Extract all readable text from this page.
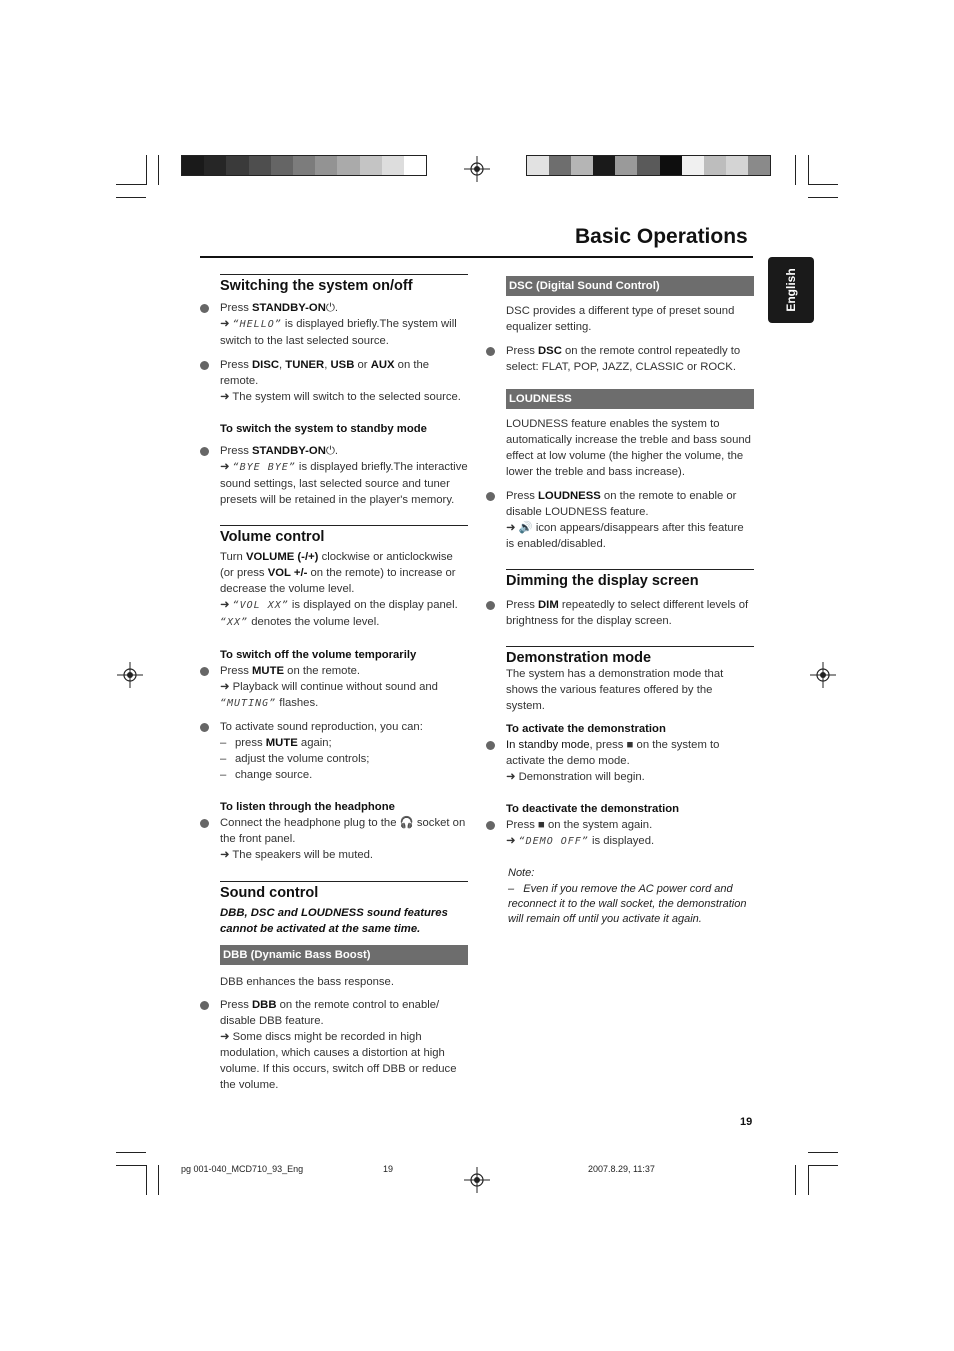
Basic Operations
English
Switching the system on/off

Press STANDBY-ON⏻.
➜ “HELLO” is displayed briefly.The system will switch to the last selected source.

Press DISC, TUNER, USB or AUX on the remote.
➜ The system will switch to the selected source.

To switch the system to standby mode

Press STANDBY-ON⏻.
➜ “BYE BYE” is displayed briefly.The interactive sound settings, last selected source and tuner presets will be retained in the player's memory.

Volume control

Turn VOLUME (-/+) clockwise or anticlockwise (or press VOL +/- on the remote) to increase or decrease the volume level.
➜ “VOL XX” is displayed on the display panel.
“XX” denotes the volume level.

To switch off the volume temporarily

Press MUTE on the remote.
➜ Playback will continue without sound and “MUTING” flashes.

To activate sound reproduction, you can:

– press MUTE again;

– adjust the volume controls;

– change source.

To listen through the headphone

Connect the headphone plug to the 🎧 socket on the front panel.
➜ The speakers will be muted.

Sound control

DBB, DSC and LOUDNESS sound features cannot be activated at the same time.

DBB (Dynamic Bass Boost)

DBB enhances the bass response.

Press DBB on the remote control to enable/ disable DBB feature.
➜ Some discs might be recorded in high modulation, which causes a distortion at high volume. If this occurs, switch off DBB or reduce the volume.

DSC (Digital Sound Control)

DSC provides a different type of preset sound equalizer setting.

Press DSC on the remote control repeatedly to select: FLAT, POP, JAZZ, CLASSIC or ROCK.

LOUDNESS

LOUDNESS feature enables the system to automatically increase the treble and bass sound effect at low volume (the higher the volume, the lower the treble and bass increase).

Press LOUDNESS on the remote to enable or disable LOUDNESS feature.
➜ 🔊 icon appears/disappears after this feature is enabled/disabled.

Dimming the display screen

Press DIM repeatedly to select different levels of brightness for the display screen.

Demonstration mode

The system has a demonstration mode that shows the various features offered by the system.

To activate the demonstration

In standby mode, press ■ on the system to activate the demo mode.
➜ Demonstration will begin.

To deactivate the demonstration

Press ■ on the system again.
➜ “DEMO OFF” is displayed.

Note:

– Even if you remove the AC power cord and reconnect it to the wall socket, the demonstration will remain off until you activate it again.

19
pg 001-040_MCD710_93_Eng	19	2007.8.29, 11:37
